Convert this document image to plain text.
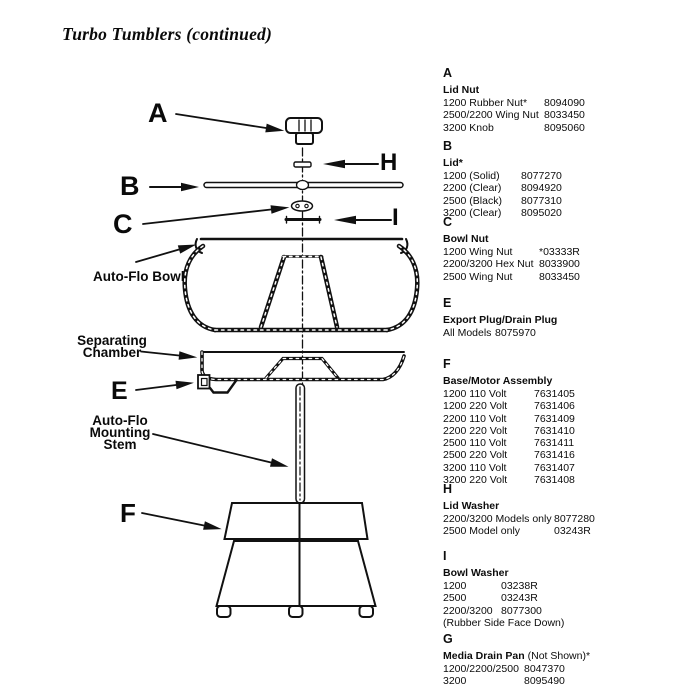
Turbo Tumblers (continued)
A
B
C
H
I
E
F
Auto-Flo Bowl
Separating
Chamber
Auto-Flo
Mounting
Stem
A
Lid Nut
1200 Rubber Nut*	8094090
2500/2200 Wing Nut 8033450
3200 Knob	8095060
B
Lid*
1200 (Solid)	8077270
2200 (Clear)	8094920
2500 (Black)	8077310
3200 (Clear)	8095020
C
Bowl Nut
1200 Wing Nut	*03333R
2200/3200 Hex Nut 8033900
2500 Wing Nut	8033450
E
Export Plug/Drain Plug
All Models 8075970
F
Base/Motor Assembly
1200 110 Volt	7631405
1200 220 Volt	7631406
2200 110 Volt	7631409
2200 220 Volt	7631410
2500 110 Volt	7631411
2500 220 Volt	7631416
3200 110 Volt	7631407
3200 220 Volt	7631408
H
Lid Washer
2200/3200 Models only 8077280
2500 Model only	03243R
I
Bowl Washer
1200	03238R
2500	03243R
2200/3200 8077300
(Rubber Side Face Down)
G
Media Drain Pan (Not Shown)*
1200/2200/2500 8047370
3200	8095490
